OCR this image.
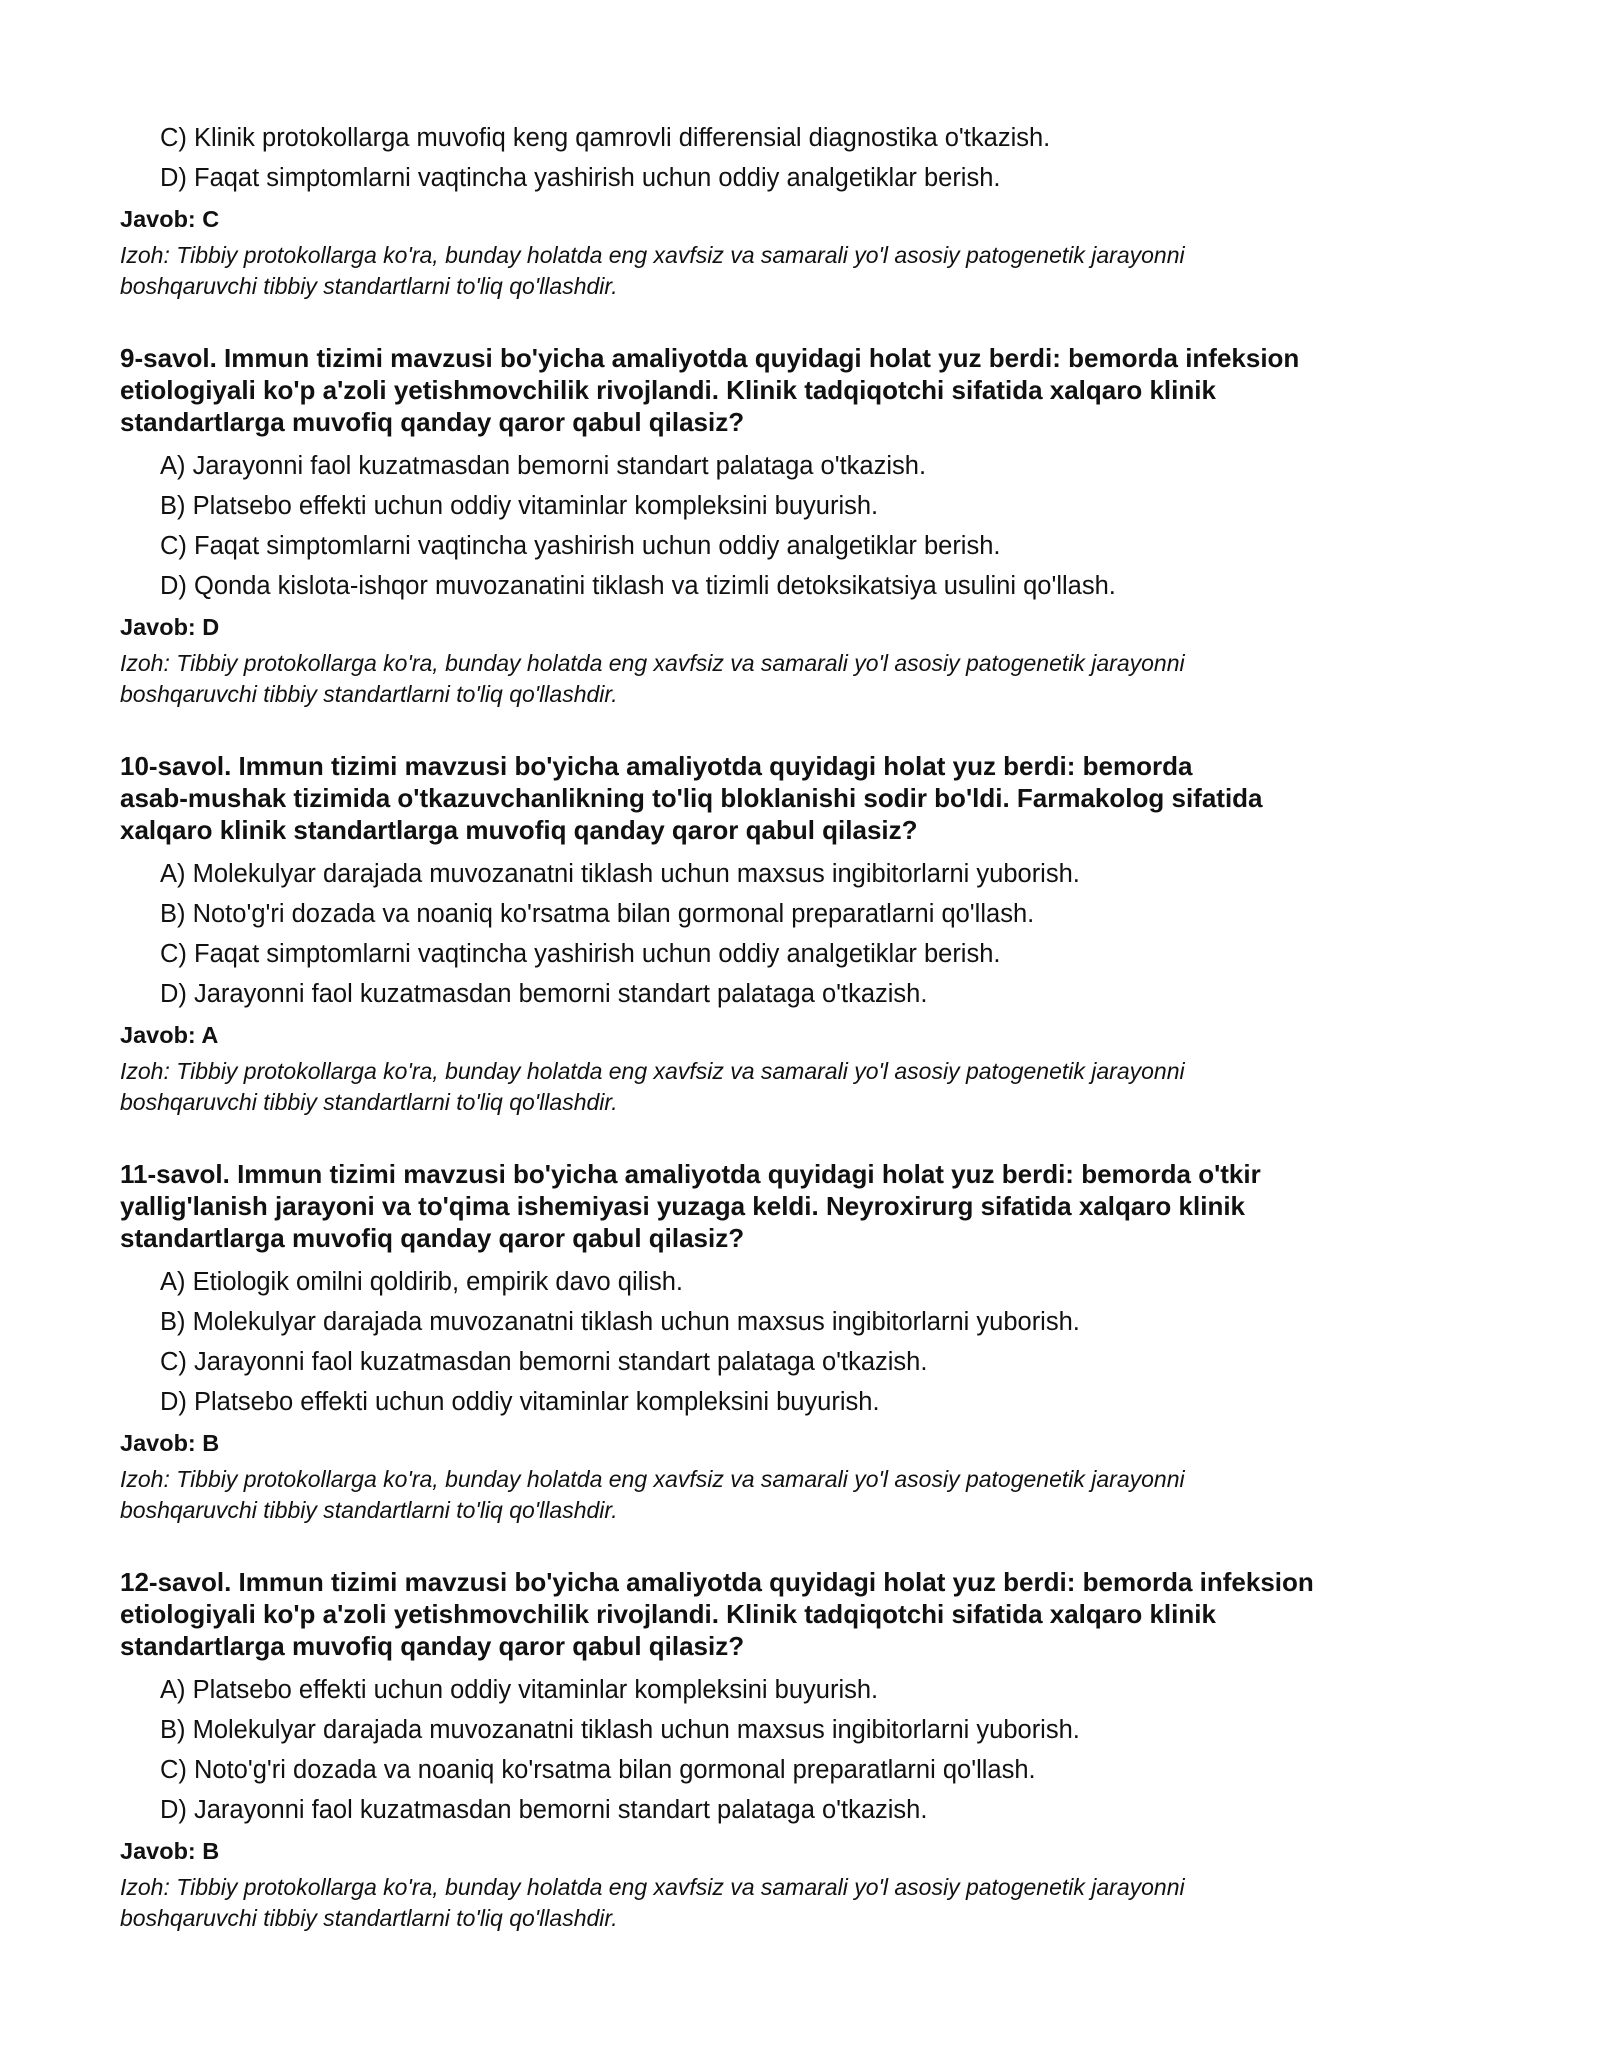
C) Klinik protokollarga muvofiq keng qamrovli differensial diagnostika o'tkazish.
D) Faqat simptomlarni vaqtincha yashirish uchun oddiy analgetiklar berish.
Javob: C
Izoh: Tibbiy protokollarga ko'ra, bunday holatda eng xavfsiz va samarali yo'l asosiy patogenetik jarayonni
boshqaruvchi tibbiy standartlarni to'liq qo'llashdir.
9-savol. Immun tizimi mavzusi bo'yicha amaliyotda quyidagi holat yuz berdi: bemorda infeksion
etiologiyali ko'p a'zoli yetishmovchilik rivojlandi. Klinik tadqiqotchi sifatida xalqaro klinik
standartlarga muvofiq qanday qaror qabul qilasiz?
A) Jarayonni faol kuzatmasdan bemorni standart palataga o'tkazish.
B) Platsebo effekti uchun oddiy vitaminlar kompleksini buyurish.
C) Faqat simptomlarni vaqtincha yashirish uchun oddiy analgetiklar berish.
D) Qonda kislota-ishqor muvozanatini tiklash va tizimli detoksikatsiya usulini qo'llash.
Javob: D
Izoh: Tibbiy protokollarga ko'ra, bunday holatda eng xavfsiz va samarali yo'l asosiy patogenetik jarayonni
boshqaruvchi tibbiy standartlarni to'liq qo'llashdir.
10-savol. Immun tizimi mavzusi bo'yicha amaliyotda quyidagi holat yuz berdi: bemorda
asab-mushak tizimida o'tkazuvchanlikning to'liq bloklanishi sodir bo'ldi. Farmakolog sifatida
xalqaro klinik standartlarga muvofiq qanday qaror qabul qilasiz?
A) Molekulyar darajada muvozanatni tiklash uchun maxsus ingibitorlarni yuborish.
B) Noto'g'ri dozada va noaniq ko'rsatma bilan gormonal preparatlarni qo'llash.
C) Faqat simptomlarni vaqtincha yashirish uchun oddiy analgetiklar berish.
D) Jarayonni faol kuzatmasdan bemorni standart palataga o'tkazish.
Javob: A
Izoh: Tibbiy protokollarga ko'ra, bunday holatda eng xavfsiz va samarali yo'l asosiy patogenetik jarayonni
boshqaruvchi tibbiy standartlarni to'liq qo'llashdir.
11-savol. Immun tizimi mavzusi bo'yicha amaliyotda quyidagi holat yuz berdi: bemorda o'tkir
yallig'lanish jarayoni va to'qima ishemiyasi yuzaga keldi. Neyroxirurg sifatida xalqaro klinik
standartlarga muvofiq qanday qaror qabul qilasiz?
A) Etiologik omilni qoldirib, empirik davo qilish.
B) Molekulyar darajada muvozanatni tiklash uchun maxsus ingibitorlarni yuborish.
C) Jarayonni faol kuzatmasdan bemorni standart palataga o'tkazish.
D) Platsebo effekti uchun oddiy vitaminlar kompleksini buyurish.
Javob: B
Izoh: Tibbiy protokollarga ko'ra, bunday holatda eng xavfsiz va samarali yo'l asosiy patogenetik jarayonni
boshqaruvchi tibbiy standartlarni to'liq qo'llashdir.
12-savol. Immun tizimi mavzusi bo'yicha amaliyotda quyidagi holat yuz berdi: bemorda infeksion
etiologiyali ko'p a'zoli yetishmovchilik rivojlandi. Klinik tadqiqotchi sifatida xalqaro klinik
standartlarga muvofiq qanday qaror qabul qilasiz?
A) Platsebo effekti uchun oddiy vitaminlar kompleksini buyurish.
B) Molekulyar darajada muvozanatni tiklash uchun maxsus ingibitorlarni yuborish.
C) Noto'g'ri dozada va noaniq ko'rsatma bilan gormonal preparatlarni qo'llash.
D) Jarayonni faol kuzatmasdan bemorni standart palataga o'tkazish.
Javob: B
Izoh: Tibbiy protokollarga ko'ra, bunday holatda eng xavfsiz va samarali yo'l asosiy patogenetik jarayonni
boshqaruvchi tibbiy standartlarni to'liq qo'llashdir.
